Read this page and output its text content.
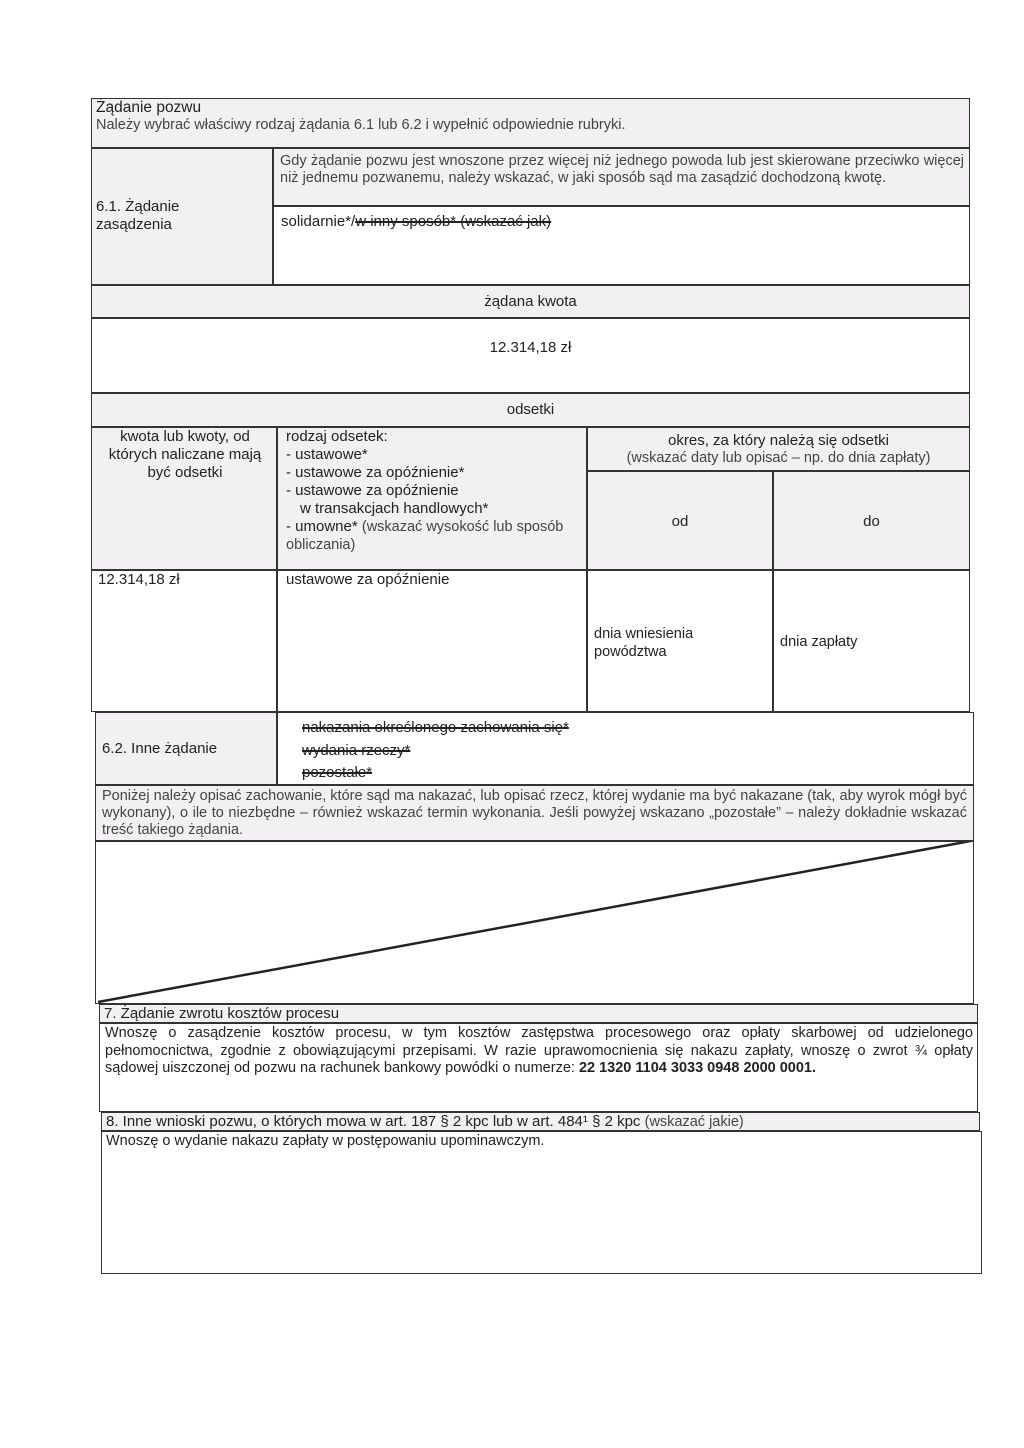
Żądanie pozwu
Należy wybrać właściwy rodzaj żądania 6.1 lub 6.2 i wypełnić odpowiednie rubryki.
6.1. Żądanie
zasądzenia
Gdy żądanie pozwu jest wnoszone przez więcej niż jednego powoda lub jest skierowane przeciwko więcej niż jednemu pozwanemu, należy wskazać, w jaki sposób sąd ma zasądzić dochodzoną kwotę.
solidarnie*/w inny sposób* (wskazać jak)
żądana kwota
12.314,18 zł
odsetki
kwota lub kwoty, od których naliczane mają być odsetki
rodzaj odsetek:
- ustawowe*
- ustawowe za opóźnienie*
- ustawowe za opóźnienie
w transakcjach handlowych*
- umowne* (wskazać wysokość lub sposób obliczania)
okres, za który należą się odsetki
(wskazać daty lub opisać – np. do dnia zapłaty)
od	do
12.314,18 zł	ustawowe za opóźnienie
dnia wniesienia powództwa
dnia zapłaty
6.2. Inne żądanie
nakazania określonego zachowania się*
wydania rzeczy*
pozostałe*
Poniżej należy opisać zachowanie, które sąd ma nakazać, lub opisać rzecz, której wydanie ma być nakazane (tak, aby wyrok mógł być wykonany), o ile to niezbędne – również wskazać termin wykonania. Jeśli powyżej wskazano „pozostałe” – należy dokładnie wskazać treść takiego żądania.
7. Żądanie zwrotu kosztów procesu
Wnoszę o zasądzenie kosztów procesu, w tym kosztów zastępstwa procesowego oraz opłaty skarbowej od udzielonego pełnomocnictwa, zgodnie z obowiązującymi przepisami. W razie uprawomocnienia się nakazu zapłaty, wnoszę o zwrot ¾ opłaty sądowej uiszczonej od pozwu na rachunek bankowy powódki o numerze: 22 1320 1104 3033 0948 2000 0001.
8. Inne wnioski pozwu, o których mowa w art. 187 § 2 kpc lub w art. 484¹ § 2 kpc (wskazać jakie)
Wnoszę o wydanie nakazu zapłaty w postępowaniu upominawczym.
